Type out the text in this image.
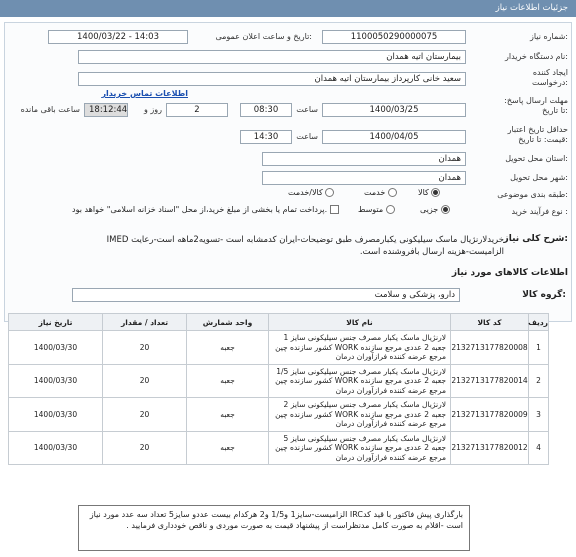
جزئیات اطلاعات نیاز
شماره نیاز:
1100050290000075
تاریخ و ساعت اعلان عمومی:
1400/03/22 - 14:03
نام دستگاه خریدار:
بیمارستان اتیه همدان
ایجاد کننده درخواست:
سعید خانی کارپرداز بیمارستان اتیه همدان
اطلاعات تماس خریدار
مهلت ارسال پاسخ: تا تاریخ:
1400/03/25
ساعت
08:30
2
روز و
18:12:44
ساعت باقی مانده
حداقل تاریخ اعتبار قیمت: تا تاریخ:
1400/04/05
ساعت
14:30
استان محل تحویل:
همدان
شهر محل تحویل:
همدان
طبقه بندی موضوعی:
کالا
خدمت
کالا/خدمت
نوع فرآیند خرید :
جزیی
متوسط
پرداخت تمام یا بخشی از مبلغ خرید،از محل "اسناد خزانه اسلامی" خواهد بود.
شرح کلی نیاز:
خریدلارنژیال ماسک سیلیکونی یکبارمصرف طبق توضیحات-ایران کدمشابه است -تسویه2ماهه است-رعایت IMED الزامیست-هزینه ارسال بافروشنده است.
اطلاعات کالاهای مورد نیاز
گروه کالا:
دارو، پزشکی و سلامت
ردیف	کد کالا	نام کالا	واحد شمارش	تعداد / مقدار	تاریخ نیاز
1	2132713177820008	لارنژیال ماسک یکبار مصرف جنس سیلیکونی سایز 1 جعبه 2 عددی مرجع سازنده WORK کشور سازنده چین مرجع عرضه کننده فرازآوران درمان	جعبه	20	1400/03/30
2	2132713177820014	لارنژیال ماسک یکبار مصرف جنس سیلیکونی سایز 1/5 جعبه 2 عددی مرجع سازنده WORK کشور سازنده چین مرجع عرضه کننده فرازآوران درمان	جعبه	20	1400/03/30
3	2132713177820009	لارنژیال ماسک یکبار مصرف جنس سیلیکونی سایز 2 جعبه 2 عددی مرجع سازنده WORK کشور سازنده چین مرجع عرضه کننده فرازآوران درمان	جعبه	20	1400/03/30
4	2132713177820012	لارنژیال ماسک یکبار مصرف جنس سیلیکونی سایز 5 جعبه 2 عددی مرجع سازنده WORK کشور سازنده چین مرجع عرضه کننده فرازآوران درمان	جعبه	20	1400/03/30
بارگذاری پیش فاکتور با قید کدIRC الزامیست-سایز1 و1/5 و2 هرکدام بیست عددو سایز5 تعداد سه عدد مورد نیاز است -اقلام به صورت کامل مدنظراست از پیشنهاد قیمت به صورت موردی و ناقص خودداری فرمایید .
